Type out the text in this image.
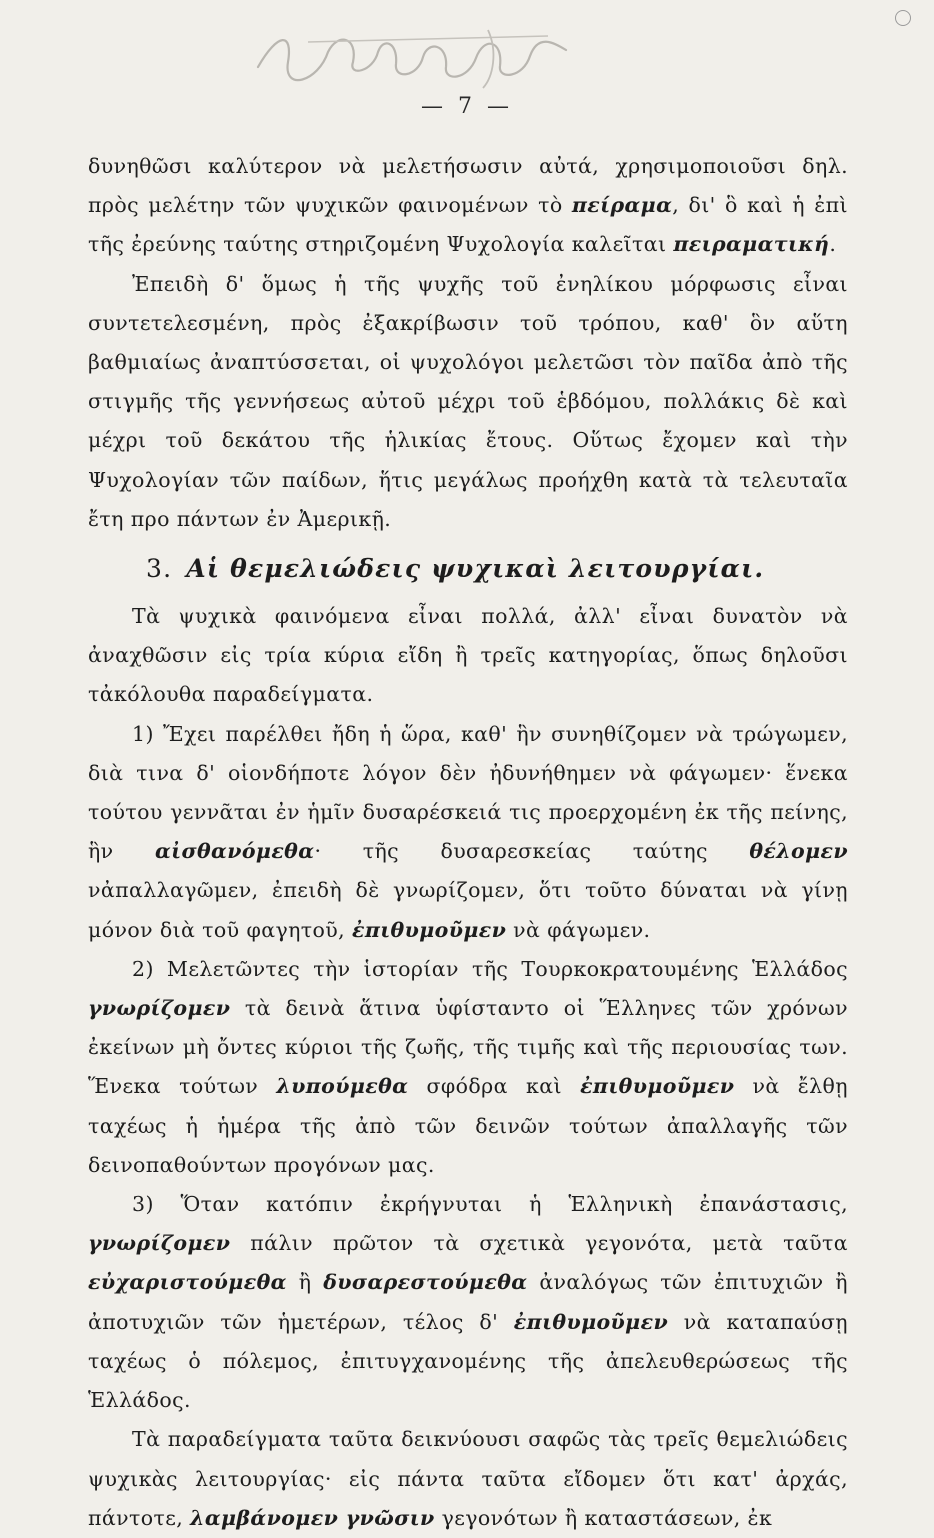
— 7 —

δυνηθῶσι καλύτερον νὰ μελετήσωσιν αὐτά, χρησιμοποιοῦσι δηλ. πρὸς μελέτην τῶν ψυχικῶν φαινομένων τὸ πείραμα, δι' ὃ καὶ ἡ ἐπὶ τῆς ἐρεύνης ταύτης στηριζομένη Ψυχολογία καλεῖται πειραματική.

Ἐπειδὴ δ' ὅμως ἡ τῆς ψυχῆς τοῦ ἐνηλίκου μόρφωσις εἶναι συντετελεσμένη, πρὸς ἐξακρίβωσιν τοῦ τρόπου, καθ' ὃν αὕτη βαθμιαίως ἀναπτύσσεται, οἱ ψυχολόγοι μελετῶσι τὸν παῖδα ἀπὸ τῆς στιγμῆς τῆς γεννήσεως αὐτοῦ μέχρι τοῦ ἑβδόμου, πολλάκις δὲ καὶ μέχρι τοῦ δεκάτου τῆς ἡλικίας ἔτους. Οὕτως ἔχομεν καὶ τὴν Ψυχολογίαν τῶν παίδων, ἥτις μεγάλως προήχθη κατὰ τὰ τελευταῖα ἔτη προ πάντων ἐν Ἀμερικῇ.

3. Αἱ θεμελιώδεις ψυχικαὶ λειτουργίαι.

Τὰ ψυχικὰ φαινόμενα εἶναι πολλά, ἀλλ' εἶναι δυνατὸν νὰ ἀναχθῶσιν εἰς τρία κύρια εἴδη ἢ τρεῖς κατηγορίας, ὅπως δηλοῦσι τἀκόλουθα παραδείγματα.

1) Ἔχει παρέλθει ἤδη ἡ ὥρα, καθ' ἣν συνηθίζομεν νὰ τρώγωμεν, διὰ τινα δ' οἱονδήποτε λόγον δὲν ἠδυνήθημεν νὰ φάγωμεν· ἕνεκα τούτου γεννᾶται ἐν ἡμῖν δυσαρέσκειά τις προερχομένη ἐκ τῆς πείνης, ἣν αἰσθανόμεθα· τῆς δυσαρεσκείας ταύτης θέλομεν νἀπαλλαγῶμεν, ἐπειδὴ δὲ γνωρίζομεν, ὅτι τοῦτο δύναται νὰ γίνῃ μόνον διὰ τοῦ φαγητοῦ, ἐπιθυμοῦμεν νὰ φάγωμεν.

2) Μελετῶντες τὴν ἱστορίαν τῆς Τουρκοκρατουμένης Ἑλλάδος γνωρίζομεν τὰ δεινὰ ἅτινα ὑφίσταντο οἱ Ἕλληνες τῶν χρόνων ἐκείνων μὴ ὄντες κύριοι τῆς ζωῆς, τῆς τιμῆς καὶ τῆς περιουσίας των. Ἕνεκα τούτων λυπούμεθα σφόδρα καὶ ἐπιθυμοῦμεν νὰ ἔλθῃ ταχέως ἡ ἡμέρα τῆς ἀπὸ τῶν δεινῶν τούτων ἀπαλλαγῆς τῶν δεινοπαθούντων προγόνων μας.

3) Ὅταν κατόπιν ἐκρήγνυται ἡ Ἑλληνικὴ ἐπανάστασις, γνωρίζομεν πάλιν πρῶτον τὰ σχετικὰ γεγονότα, μετὰ ταῦτα εὐχαριστούμεθα ἢ δυσαρεστούμεθα ἀναλόγως τῶν ἐπιτυχιῶν ἢ ἀποτυχιῶν τῶν ἡμετέρων, τέλος δ' ἐπιθυμοῦμεν νὰ καταπαύσῃ ταχέως ὁ πόλεμος, ἐπιτυγχανομένης τῆς ἀπελευθερώσεως τῆς Ἑλλάδος.

Τὰ παραδείγματα ταῦτα δεικνύουσι σαφῶς τὰς τρεῖς θεμελιώδεις ψυχικὰς λειτουργίας· εἰς πάντα ταῦτα εἴδομεν ὅτι κατ' ἀρχάς, πάντοτε, λαμβάνομεν γνῶσιν γεγονότων ἢ καταστάσεων, ἐκ
